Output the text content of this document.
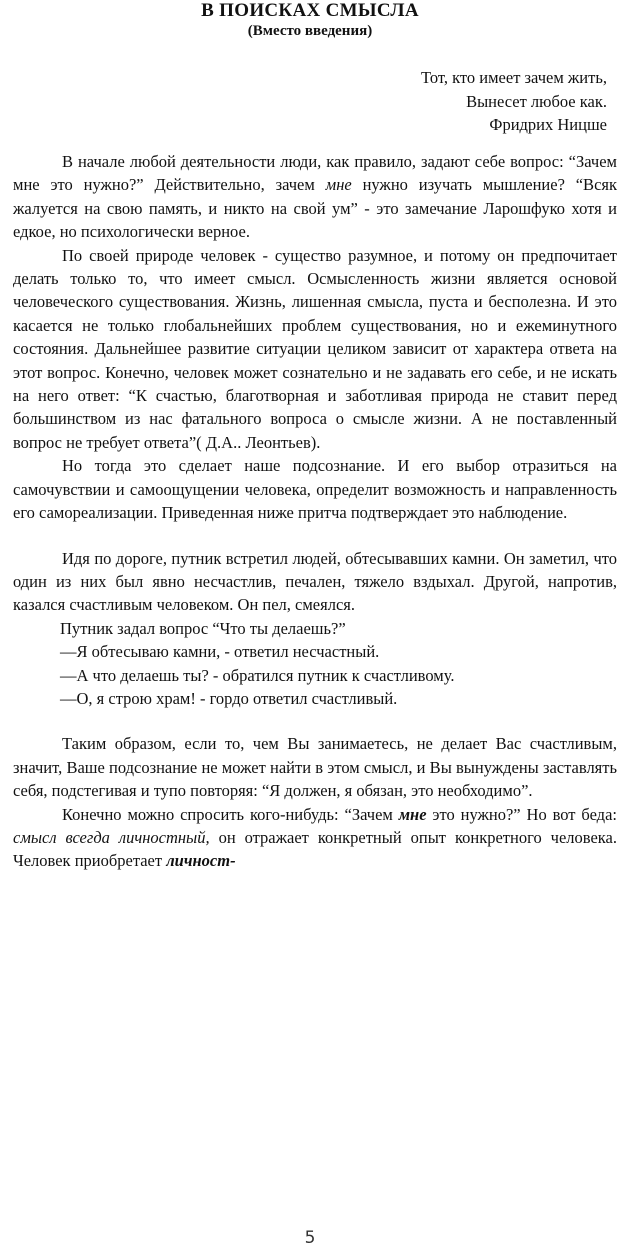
В ПОИСКАХ СМЫСЛА
(Вместо введения)
Тот, кто имеет зачем жить,
Вынесет любое как.
Фридрих Ницше

В начале любой деятельности люди, как правило, задают себе вопрос: “Зачем мне это нужно?” Действительно, зачем мне нужно изучать мышление? “Всяк жалуется на свою память, и никто на свой ум” - это замечание Ларошфуко хотя и едкое, но психологически верное.

По своей природе человек - существо разумное, и потому он предпочитает делать только то, что имеет смысл. Осмысленность жизни является основой человеческого существования. Жизнь, лишенная смысла, пуста и бесполезна. И это касается не только глобальнейших проблем существования, но и ежеминутного состояния. Дальнейшее развитие ситуации целиком зависит от характера ответа на этот вопрос. Конечно, человек может сознательно и не задавать его себе, и не искать на него ответ: “К счастью, благотворная и заботливая природа не ставит перед большинством из нас фатального вопроса о смысле жизни. А не поставленный вопрос не требует ответа”( Д.А.. Леонтьев).

Но тогда это сделает наше подсознание. И его выбор отразиться на самочувствии и самоощущении человека, определит возможность и направленность его самореализации. Приведенная ниже притча подтверждает это наблюдение.

Идя по дороге, путник встретил людей, обтесывавших камни. Он заметил, что один из них был явно несчастлив, печален, тяжело вздыхал. Другой, напротив, казался счастливым человеком. Он пел, смеялся.

Путник задал вопрос “Что ты делаешь?”

—Я обтесываю камни, - ответил несчастный.

—А что делаешь ты? - обратился путник к счастливому.

—О, я строю храм! - гордо ответил счастливый.

Таким образом, если то, чем Вы занимаетесь, не делает Вас счастливым, значит, Ваше подсознание не может найти в этом смысл, и Вы вынуждены заставлять себя, подстегивая и тупо повторяя: “Я должен, я обязан, это необходимо”.

Конечно можно спросить кого-нибудь: “Зачем мне это нужно?” Но вот беда: смысл всегда личностный, он отражает конкретный опыт конкретного человека. Человек приобретает личност-

5
